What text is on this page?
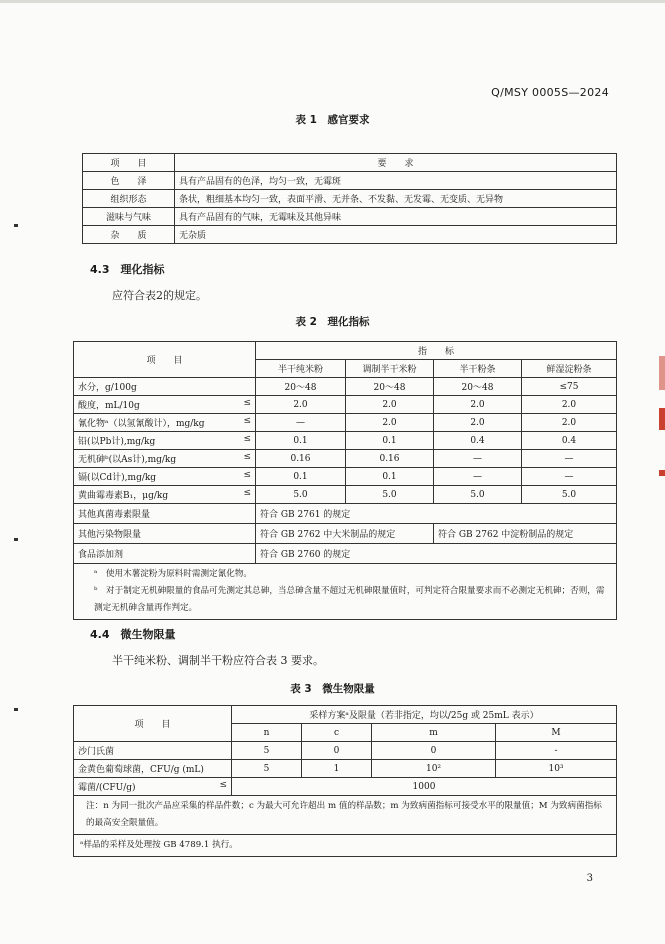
Q/MSY 0005S—2024
表 1　感官要求
项　　目	要　　求
色　　泽	具有产品固有的色泽，均匀一致，无霉斑
组织形态	条状，粗细基本均匀一致，表面平滑、无并条、不发黏、无发霉、无变质、无异物
滋味与气味	具有产品固有的气味，无霉味及其他异味
杂　　质	无杂质
4.3　理化指标
应符合表2的规定。
表 2　理化指标
项　　目	指　　标			
	半干纯米粉	调制半干米粉	半干粉条	鲜湿淀粉条
水分，g/100g	20～48	20～48	20～48	≤75
酸度，mL/10g ≤	2.0	2.0	2.0	2.0
氰化物ᵃ（以氢氰酸计），mg/kg ≤	—	2.0	2.0	2.0
铅(以Pb计),mg/kg ≤	0.1	0.1	0.4	0.4
无机砷ᵇ(以As计),mg/kg ≤	0.16	0.16	—	—
镉(以Cd计),mg/kg ≤	0.1	0.1	—	—
黄曲霉毒素B₁，μg/kg ≤	5.0	5.0	5.0	5.0
其他真菌毒素限量	符合 GB 2761 的规定			
其他污染物限量	符合 GB 2762 中大米制品的规定		符合 GB 2762 中淀粉制品的规定	
食品添加剂	符合 GB 2760 的规定			

ᵃ　使用木薯淀粉为原料时需测定氰化物。
ᵇ　对于制定无机砷限量的食品可先测定其总砷，当总砷含量不超过无机砷限量值时，可判定符合限量要求而不必测定无机砷；否则，需测定无机砷含量再作判定。				
4.4　微生物限量
半干纯米粉、调制半干粉应符合表 3 要求。
表 3　微生物限量
项　　目	采样方案ᵃ及限量（若非指定，均以/25g 或 25mL 表示）			
	n	c	m	M
沙门氏菌	5	0	0	-
金黄色葡萄球菌，CFU/g (mL)	5	1	10²	10³
霉菌/(CFU/g) ≤	1000			
注：n 为同一批次产品应采集的样品件数；c 为最大可允许超出 m 值的样品数；m 为致病菌指标可接受水平的限量值；M 为致病菌指标的最高安全限量值。				
ᵃ样品的采样及处理按 GB 4789.1 执行。				
3
